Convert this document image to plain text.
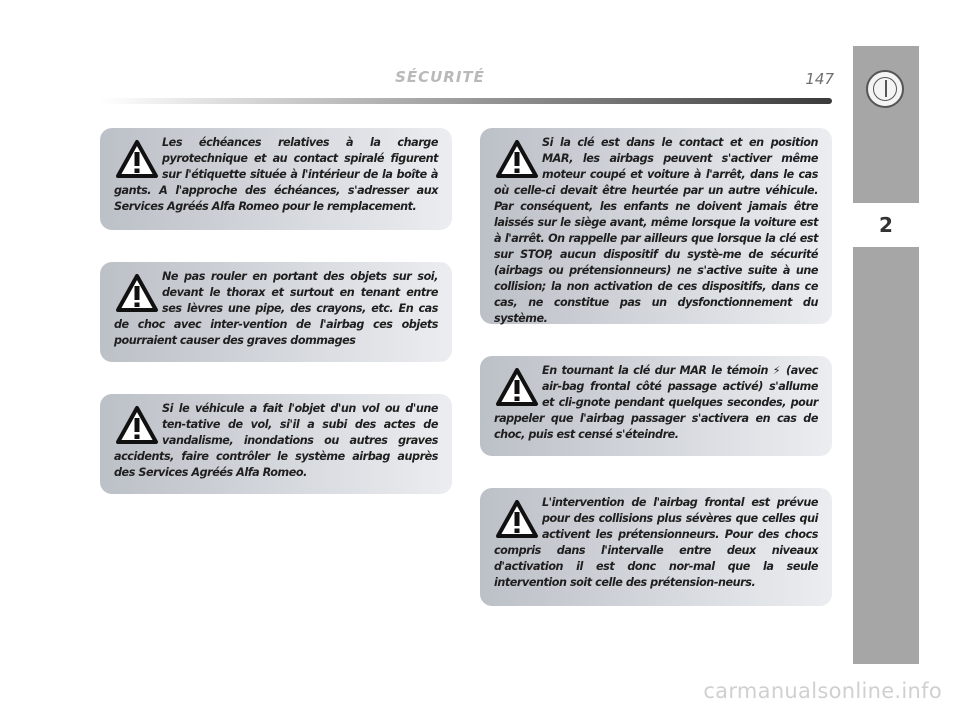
2
SÉCURITÉ	147

Les échéances relatives à la charge pyrotechnique et au contact spiralé figurent sur l'étiquette située à l'intérieur de la boîte à gants. A l'approche des échéances, s'adresser aux Services Agréés Alfa Romeo pour le remplacement.

Ne pas rouler en portant des objets sur soi, devant le thorax et surtout en tenant entre ses lèvres une pipe, des crayons, etc. En cas de choc avec inter-vention de l'airbag ces objets pourraient causer des graves dommages

Si le véhicule a fait l'objet d'un vol ou d'une ten-tative de vol, si'il a subi des actes de vandalisme, inondations ou autres graves accidents, faire contrôler le système airbag auprès des Services Agréés Alfa Romeo.

Si la clé est dans le contact et en position MAR, les airbags peuvent s'activer même moteur coupé et voiture à l'arrêt, dans le cas où celle-ci devait être heurtée par un autre véhicule. Par conséquent, les enfants ne doivent jamais être laissés sur le siège avant, même lorsque la voiture est à l'arrêt. On rappelle par ailleurs que lorsque la clé est sur STOP, aucun dispositif du systè-me de sécurité (airbags ou prétensionneurs) ne s'active suite à une collision; la non activation de ces dispositifs, dans ce cas, ne constitue pas un dysfonctionnement du système.

En tournant la clé dur MAR le témoin ⚡ (avec air-bag frontal côté passage activé) s'allume et cli-gnote pendant quelques secondes, pour rappeler que l'airbag passager s'activera en cas de choc, puis est censé s'éteindre.

L'intervention de l'airbag frontal est prévue pour des collisions plus sévères que celles qui activent les prétensionneurs. Pour des chocs compris dans l'intervalle entre deux niveaux d'activation il est donc nor-mal que la seule intervention soit celle des prétension-neurs.

carmanualsonline.info
